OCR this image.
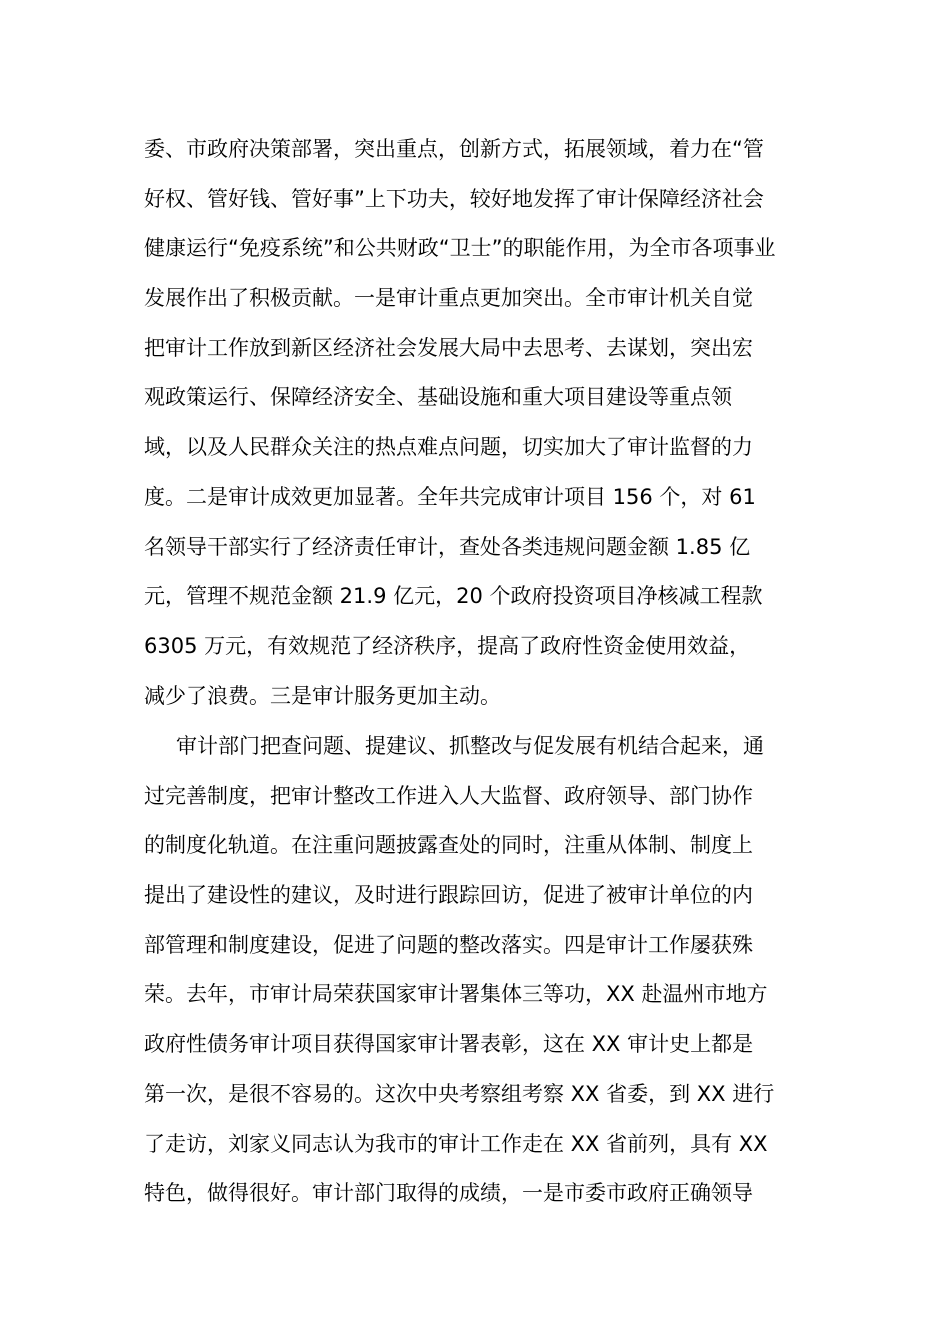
委、市政府决策部署，突出重点，创新方式，拓展领域，着力在“管
好权、管好钱、管好事”上下功夫，较好地发挥了审计保障经济社会
健康运行“免疫系统”和公共财政“卫士”的职能作用，为全市各项事业
发展作出了积极贡献。一是审计重点更加突出。全市审计机关自觉
把审计工作放到新区经济社会发展大局中去思考、去谋划，突出宏
观政策运行、保障经济安全、基础设施和重大项目建设等重点领
域，以及人民群众关注的热点难点问题，切实加大了审计监督的力
度。二是审计成效更加显著。全年共完成审计项目 156 个，对 61
名领导干部实行了经济责任审计，查处各类违规问题金额 1.85 亿
元，管理不规范金额 21.9 亿元，20 个政府投资项目净核减工程款
6305 万元，有效规范了经济秩序，提高了政府性资金使用效益，
减少了浪费。三是审计服务更加主动。
审计部门把查问题、提建议、抓整改与促发展有机结合起来，通
过完善制度，把审计整改工作进入人大监督、政府领导、部门协作
的制度化轨道。在注重问题披露查处的同时，注重从体制、制度上
提出了建设性的建议，及时进行跟踪回访，促进了被审计单位的内
部管理和制度建设，促进了问题的整改落实。四是审计工作屡获殊
荣。去年，市审计局荣获国家审计署集体三等功，XX 赴温州市地方
政府性债务审计项目获得国家审计署表彰，这在 XX 审计史上都是
第一次，是很不容易的。这次中央考察组考察 XX 省委，到 XX 进行
了走访，刘家义同志认为我市的审计工作走在 XX 省前列，具有 XX
特色，做得很好。审计部门取得的成绩，一是市委市政府正确领导
